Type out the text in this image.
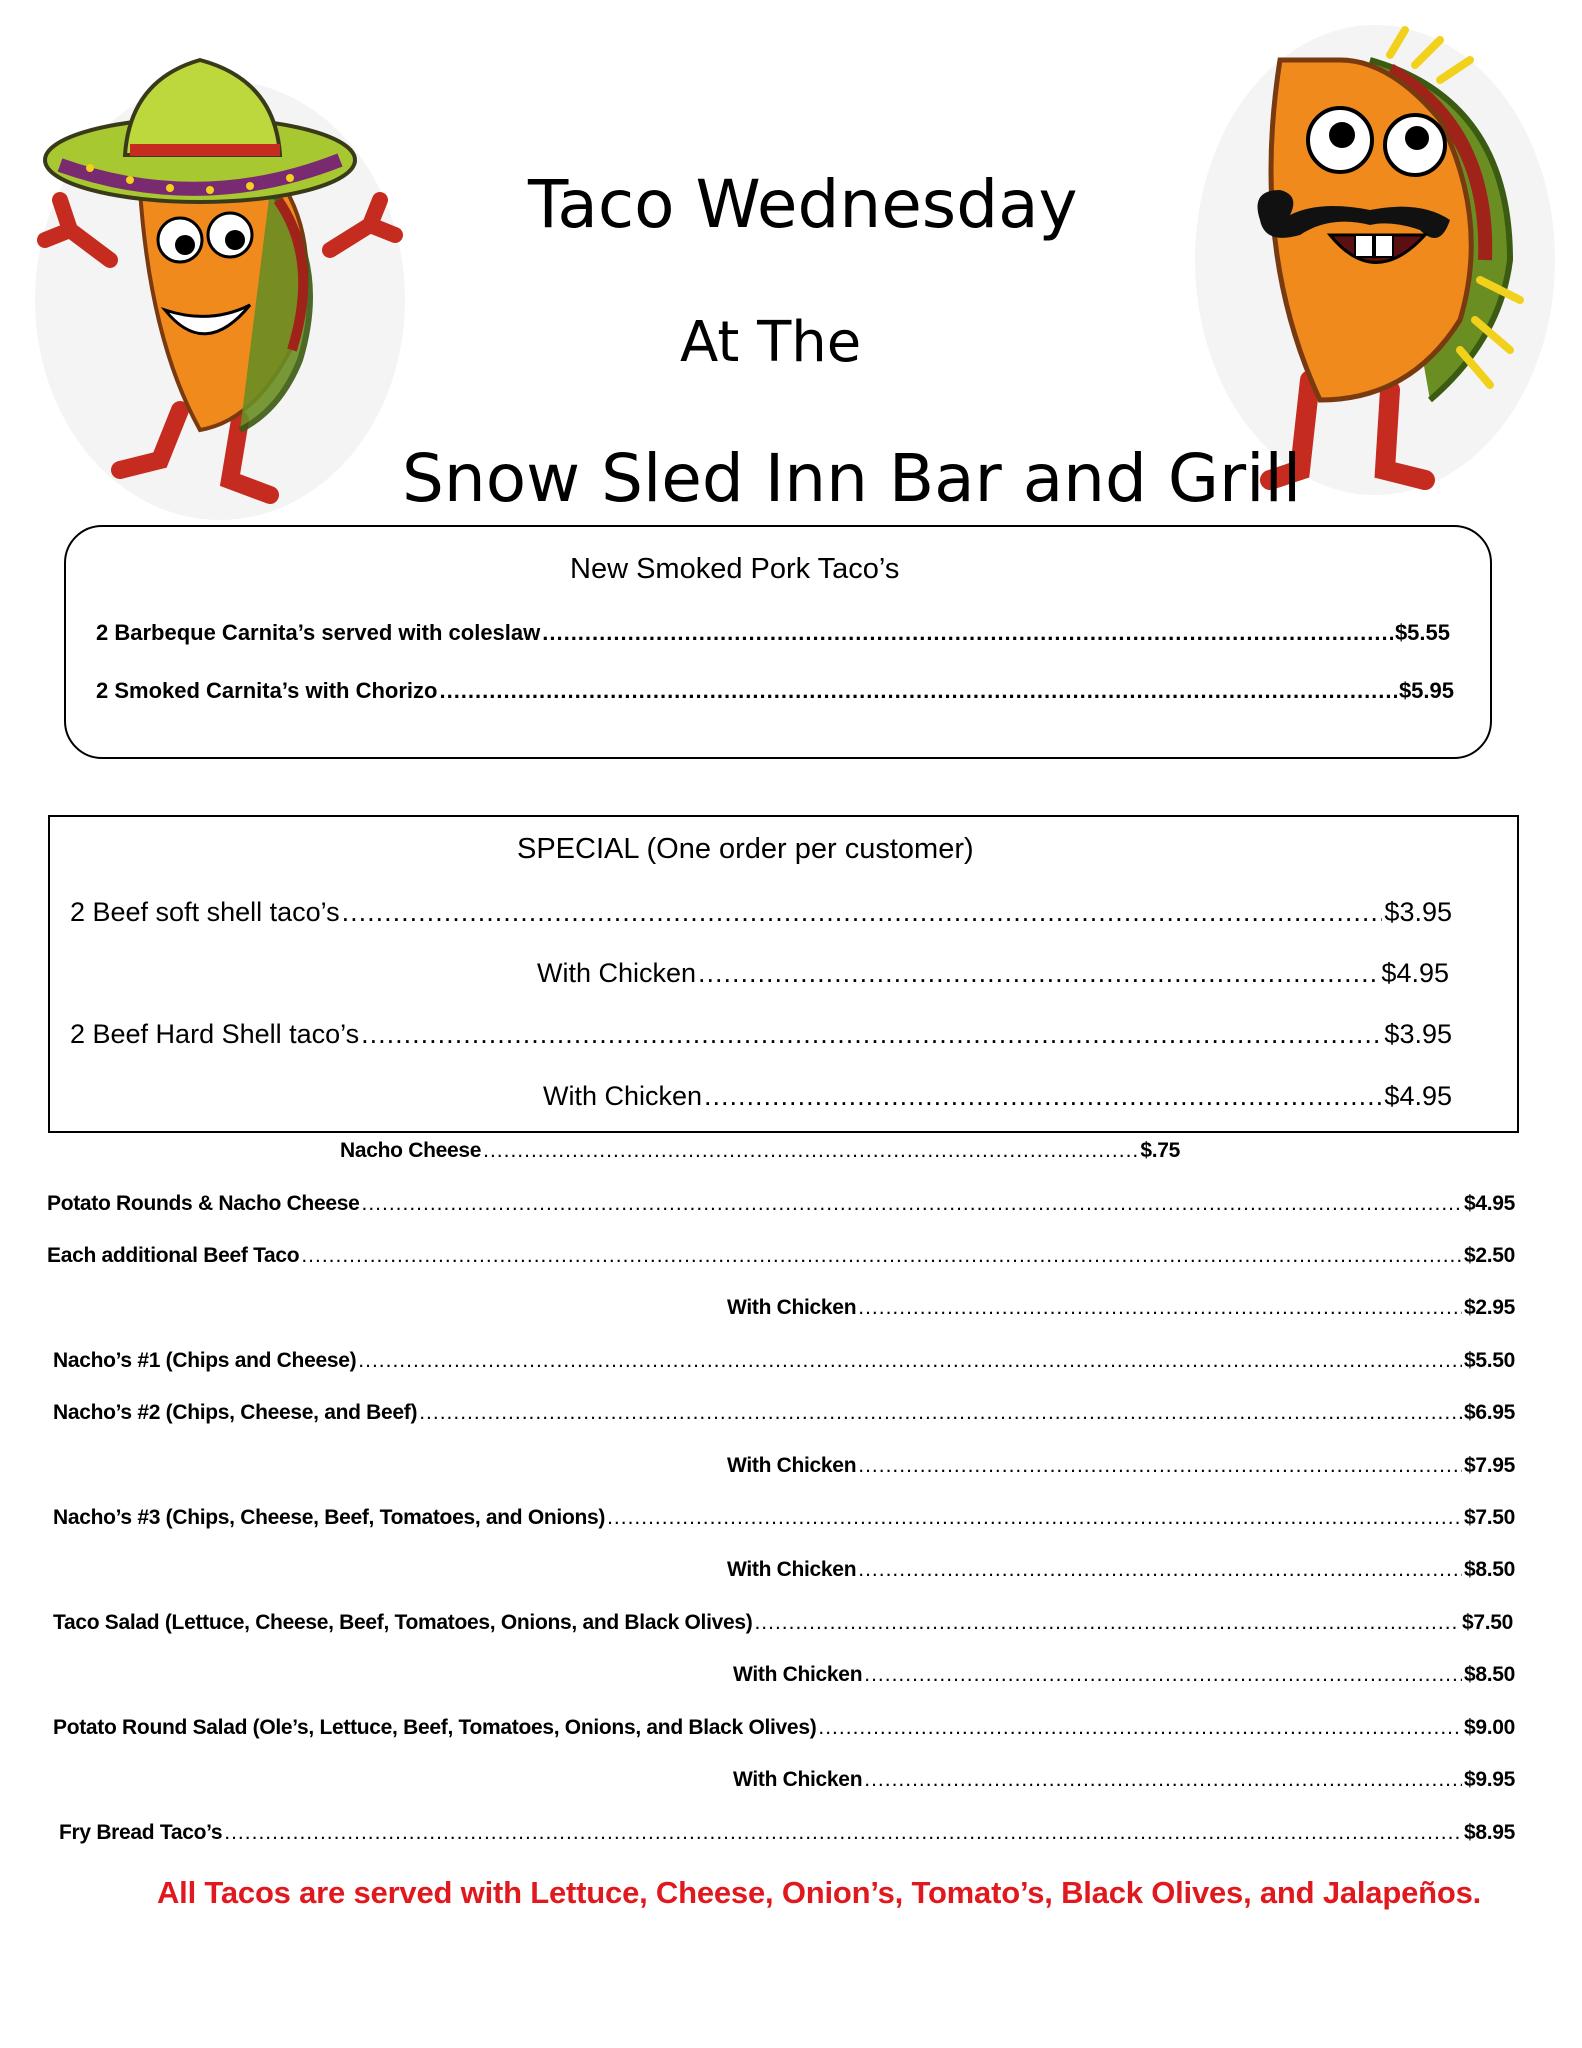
Taco Wednesday
At The
Snow Sled Inn Bar and Grill
New Smoked Pork Taco’s
2 Barbeque Carnita’s served with coleslaw .....	$5.55
2 Smoked Carnita’s with Chorizo .....	$5.95
SPECIAL (One order per customer)
2 Beef soft shell taco’s .....	$3.95
With Chicken .....	$4.95
2 Beef Hard Shell taco’s .....	$3.95
With Chicken .....	$4.95
Nacho Cheese .....	$.75
Potato Rounds & Nacho Cheese .....	$4.95
Each additional Beef Taco .....	$2.50
With Chicken .....	$2.95
Nacho’s #1 (Chips and Cheese) .....	$5.50
Nacho’s #2 (Chips, Cheese, and Beef) .....	$6.95
With Chicken .....	$7.95
Nacho’s #3 (Chips, Cheese, Beef, Tomatoes, and Onions) .....	$7.50
With Chicken .....	$8.50
Taco Salad (Lettuce, Cheese, Beef, Tomatoes, Onions, and Black Olives) .....	$7.50
With Chicken .....	$8.50
Potato Round Salad (Ole’s, Lettuce, Beef, Tomatoes, Onions, and Black Olives) .....	$9.00
With Chicken .....	$9.95
Fry Bread Taco’s .....	$8.95
All Tacos are served with Lettuce, Cheese, Onion’s, Tomato’s, Black Olives, and Jalapeños.
